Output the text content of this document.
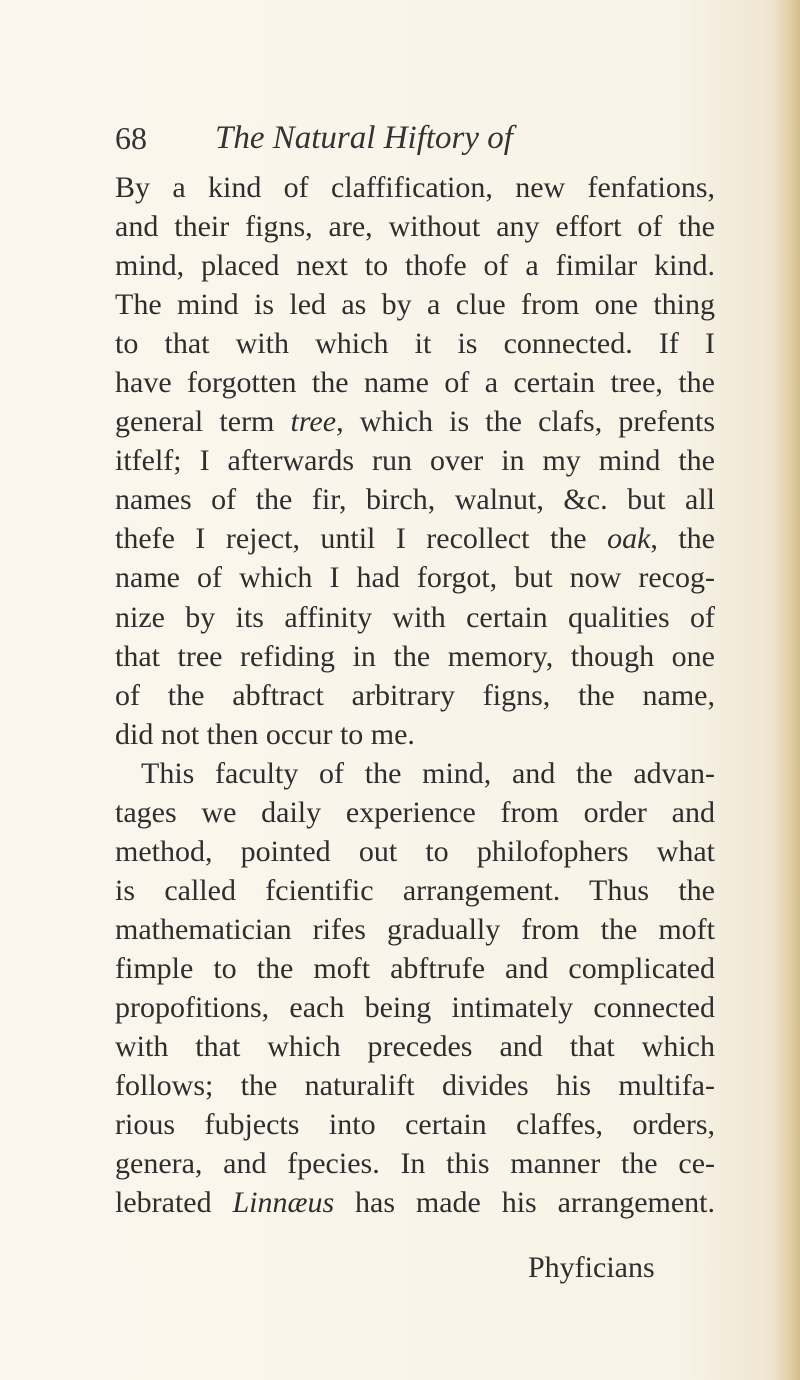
68 The Natural Hiftory of
By a kind of claffification, new fenfations,
and their figns, are, without any effort of the
mind, placed next to thofe of a fimilar kind.
The mind is led as by a clue from one thing
to that with which it is connected. If I
have forgotten the name of a certain tree, the
general term tree, which is the clafs, prefents
itfelf; I afterwards run over in my mind the
names of the fir, birch, walnut, &c. but all
thefe I reject, until I recollect the oak, the
name of which I had forgot, but now recog-
nize by its affinity with certain qualities of
that tree refiding in the memory, though one
of the abftract arbitrary figns, the name,
did not then occur to me.
This faculty of the mind, and the advan-
tages we daily experience from order and
method, pointed out to philofophers what
is called fcientific arrangement. Thus the
mathematician rifes gradually from the moft
fimple to the moft abftrufe and complicated
propofitions, each being intimately connected
with that which precedes and that which
follows; the naturalift divides his multifa-
rious fubjects into certain claffes, orders,
genera, and fpecies. In this manner the ce-
lebrated Linnæus has made his arrangement.
Phyficians
